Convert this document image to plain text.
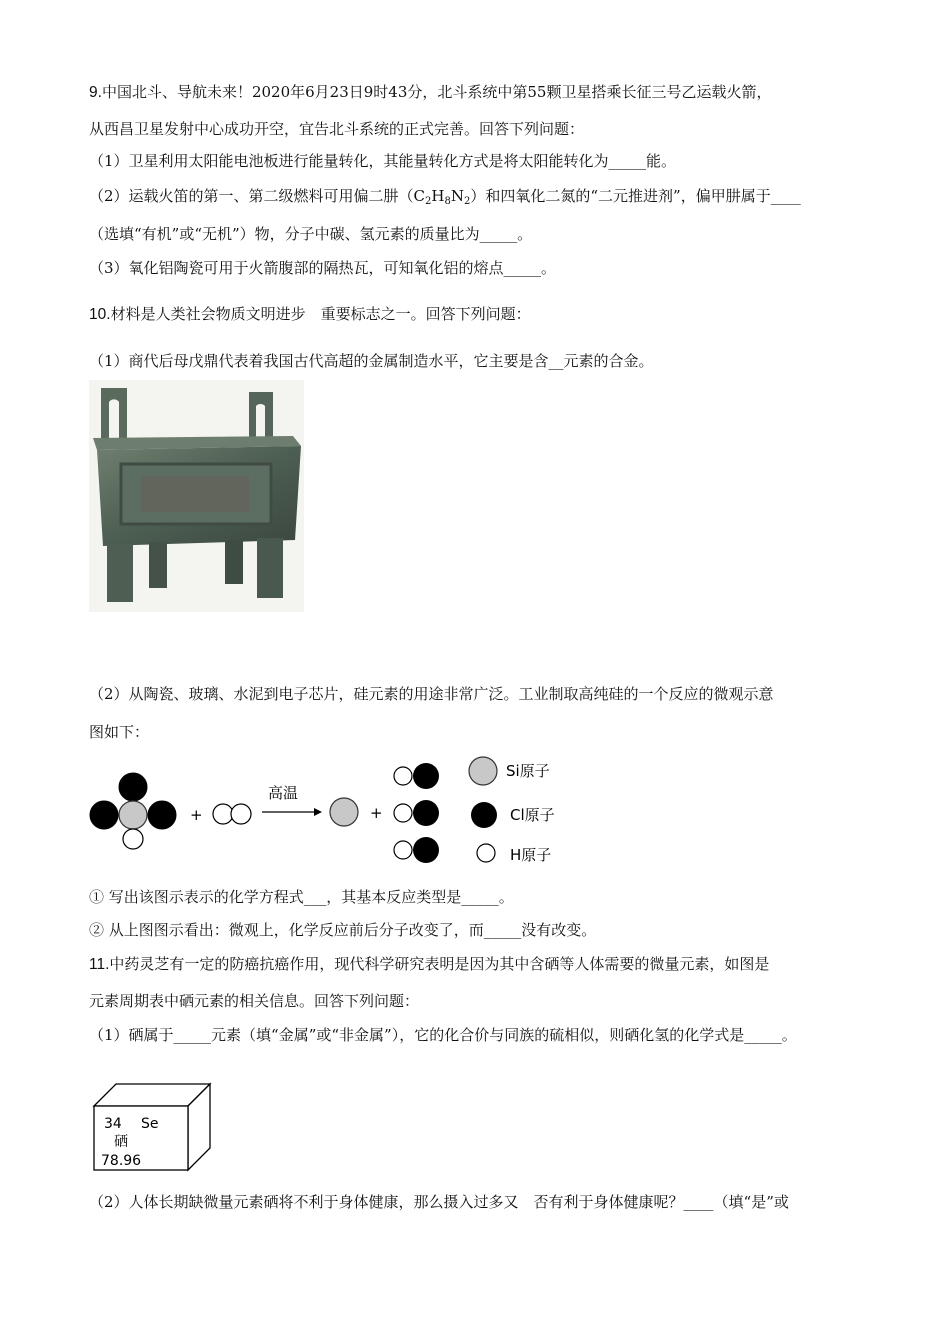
9.中国北斗、导航未来！2020年6月23日9时43分，北斗系统中第55颗卫星搭乘长征三号乙运载火箭，
从西昌卫星发射中心成功开空，宜告北斗系统的正式完善。回答下列问题：
（1）卫星利用太阳能电池板进行能量转化，其能量转化方式是将太阳能转化为_____能。
（2）运载火笛的第一、第二级燃料可用偏二肼$(C_2H_8N_2)$和四氧化二氮的“二元推进剂”，偏甲肼属于____
（选填“有机”或“无机”）物，分子中碳、氢元素的质量比为_____。
（3）氧化铝陶瓷可用于火箭腹部的隔热瓦，可知氧化铝的熔点_____。
10.材料是人类社会物质文明进步　重要标志之一。回答下列问题：
（1）商代后母戊鼎代表着我国古代高超的金属制造水平，它主要是含__元素的合金。
（2）从陶瓷、玻璃、水泥到电子芯片，硅元素的用途非常广泛。工业制取高纯硅的一个反应的微观示意
图如下：
+
高温
+
Si原子
Cl原子
H原子
① 写出该图示表示的化学方程式___，其基本反应类型是_____。
② 从上图图示看出：微观上，化学反应前后分子改变了，而_____没有改变。
11.中药灵芝有一定的防癌抗癌作用，现代科学研究表明是因为其中含硒等人体需要的微量元素，如图是
元素周期表中硒元素的相关信息。回答下列问题：
（1）硒属于_____元素（填“金属”或“非金属”），它的化合价与同族的硫相似，则硒化氢的化学式是_____。
34 Se
硒
78.96
（2）人体长期缺微量元素硒将不利于身体健康，那么摄入过多又　否有利于身体健康呢？____（填“是”或
